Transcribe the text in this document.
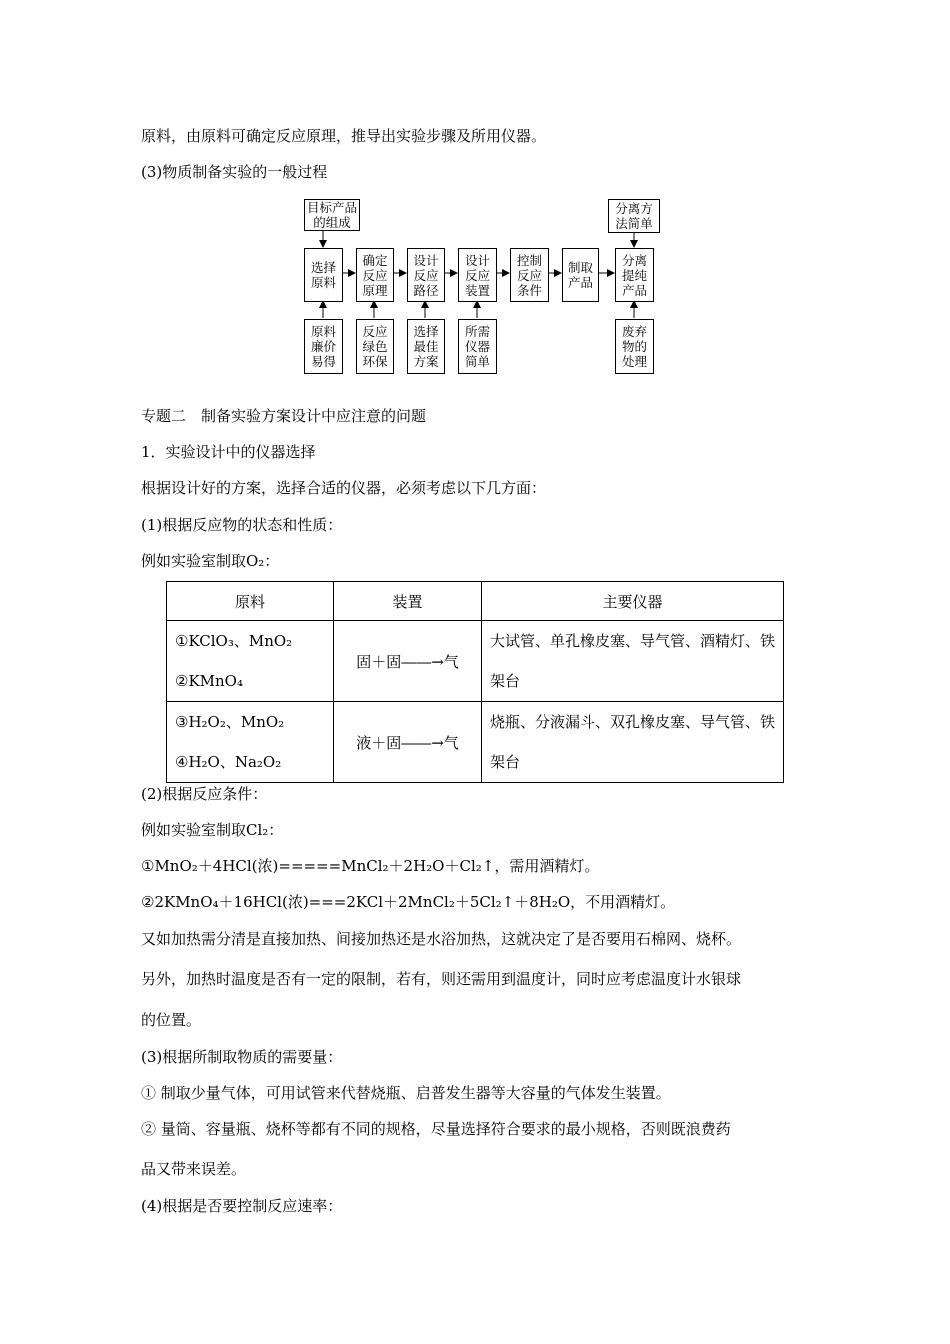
原料，由原料可确定反应原理，推导出实验步骤及所用仪器。
(3)物质制备实验的一般过程
目标产品
的组成
分离方
法简单
选择
原料
确定
反应
原理
设计
反应
路径
设计
反应
装置
控制
反应
条件
制取
产品
分离
提纯
产品
原料
廉价
易得
反应
绿色
环保
选择
最佳
方案
所需
仪器
简单
废弃
物的
处理
专题二　制备实验方案设计中应注意的问题
1．实验设计中的仪器选择
根据设计好的方案，选择合适的仪器，必须考虑以下几方面：
(1)根据反应物的状态和性质：
例如实验室制取O₂：
原料	装置	主要仪器

①KClO₃、MnO₂
②KMnO₄	固＋固――→气	大试管、单孔橡皮塞、导气管、酒精灯、铁架台

③H₂O₂、MnO₂
④H₂O、Na₂O₂	液＋固――→气	烧瓶、分液漏斗、双孔橡皮塞、导气管、铁架台
(2)根据反应条件：
例如实验室制取Cl₂：
①MnO₂＋4HCl(浓)=====MnCl₂＋2H₂O＋Cl₂↑，需用酒精灯。
②2KMnO₄＋16HCl(浓)===2KCl＋2MnCl₂＋5Cl₂↑＋8H₂O，不用酒精灯。
又如加热需分清是直接加热、间接加热还是水浴加热，这就决定了是否要用石棉网、烧杯。
另外，加热时温度是否有一定的限制，若有，则还需用到温度计，同时应考虑温度计水银球
的位置。
(3)根据所制取物质的需要量：
① 制取少量气体，可用试管来代替烧瓶、启普发生器等大容量的气体发生装置。
② 量筒、容量瓶、烧杯等都有不同的规格，尽量选择符合要求的最小规格，否则既浪费药
品又带来误差。
(4)根据是否要控制反应速率：
